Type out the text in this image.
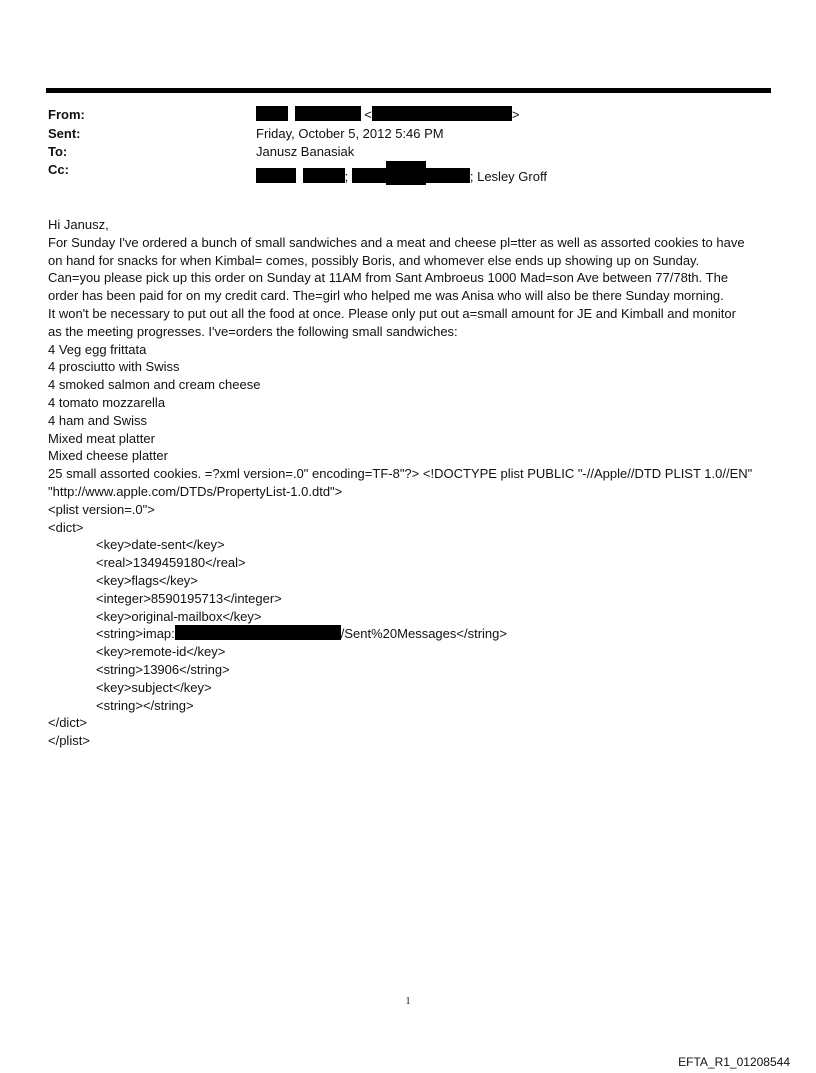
From:	<	>
Sent:	Friday, October 5, 2012 5:46 PM
To:	Janusz Banasiak
Cc:	;	; Lesley Groff

Hi Janusz,

For Sunday I've ordered a bunch of small sandwiches and a meat and cheese pl=tter as well as assorted cookies to have

on hand for snacks for when Kimbal= comes, possibly Boris, and whomever else ends up showing up on Sunday.

Can=you please pick up this order on Sunday at 11AM from Sant Ambroeus 1000 Mad=son Ave between 77/78th. The

order has been paid for on my credit card. The=girl who helped me was Anisa who will also be there Sunday morning.

It won't be necessary to put out all the food at once. Please only put out a=small amount for JE and Kimball and monitor

as the meeting progresses. I've=orders the following small sandwiches:

4 Veg egg frittata

4 prosciutto with Swiss

4 smoked salmon and cream cheese

4 tomato mozzarella

4 ham and Swiss

Mixed meat platter

Mixed cheese platter

25 small assorted cookies. =?xml version=.0" encoding=TF-8"?> <!DOCTYPE plist PUBLIC "-//Apple//DTD PLIST 1.0//EN"

"http://www.apple.com/DTDs/PropertyList-1.0.dtd">

<plist version=.0">

<dict>

<key>date-sent</key>

<real>1349459180</real>

<key>flags</key>

<integer>8590195713</integer>

<key>original-mailbox</key>

<string>imap:	/Sent%20Messages</string>

<key>remote-id</key>

<string>13906</string>

<key>subject</key>

<string></string>

</dict>

</plist>

1
EFTA_R1_01208544
